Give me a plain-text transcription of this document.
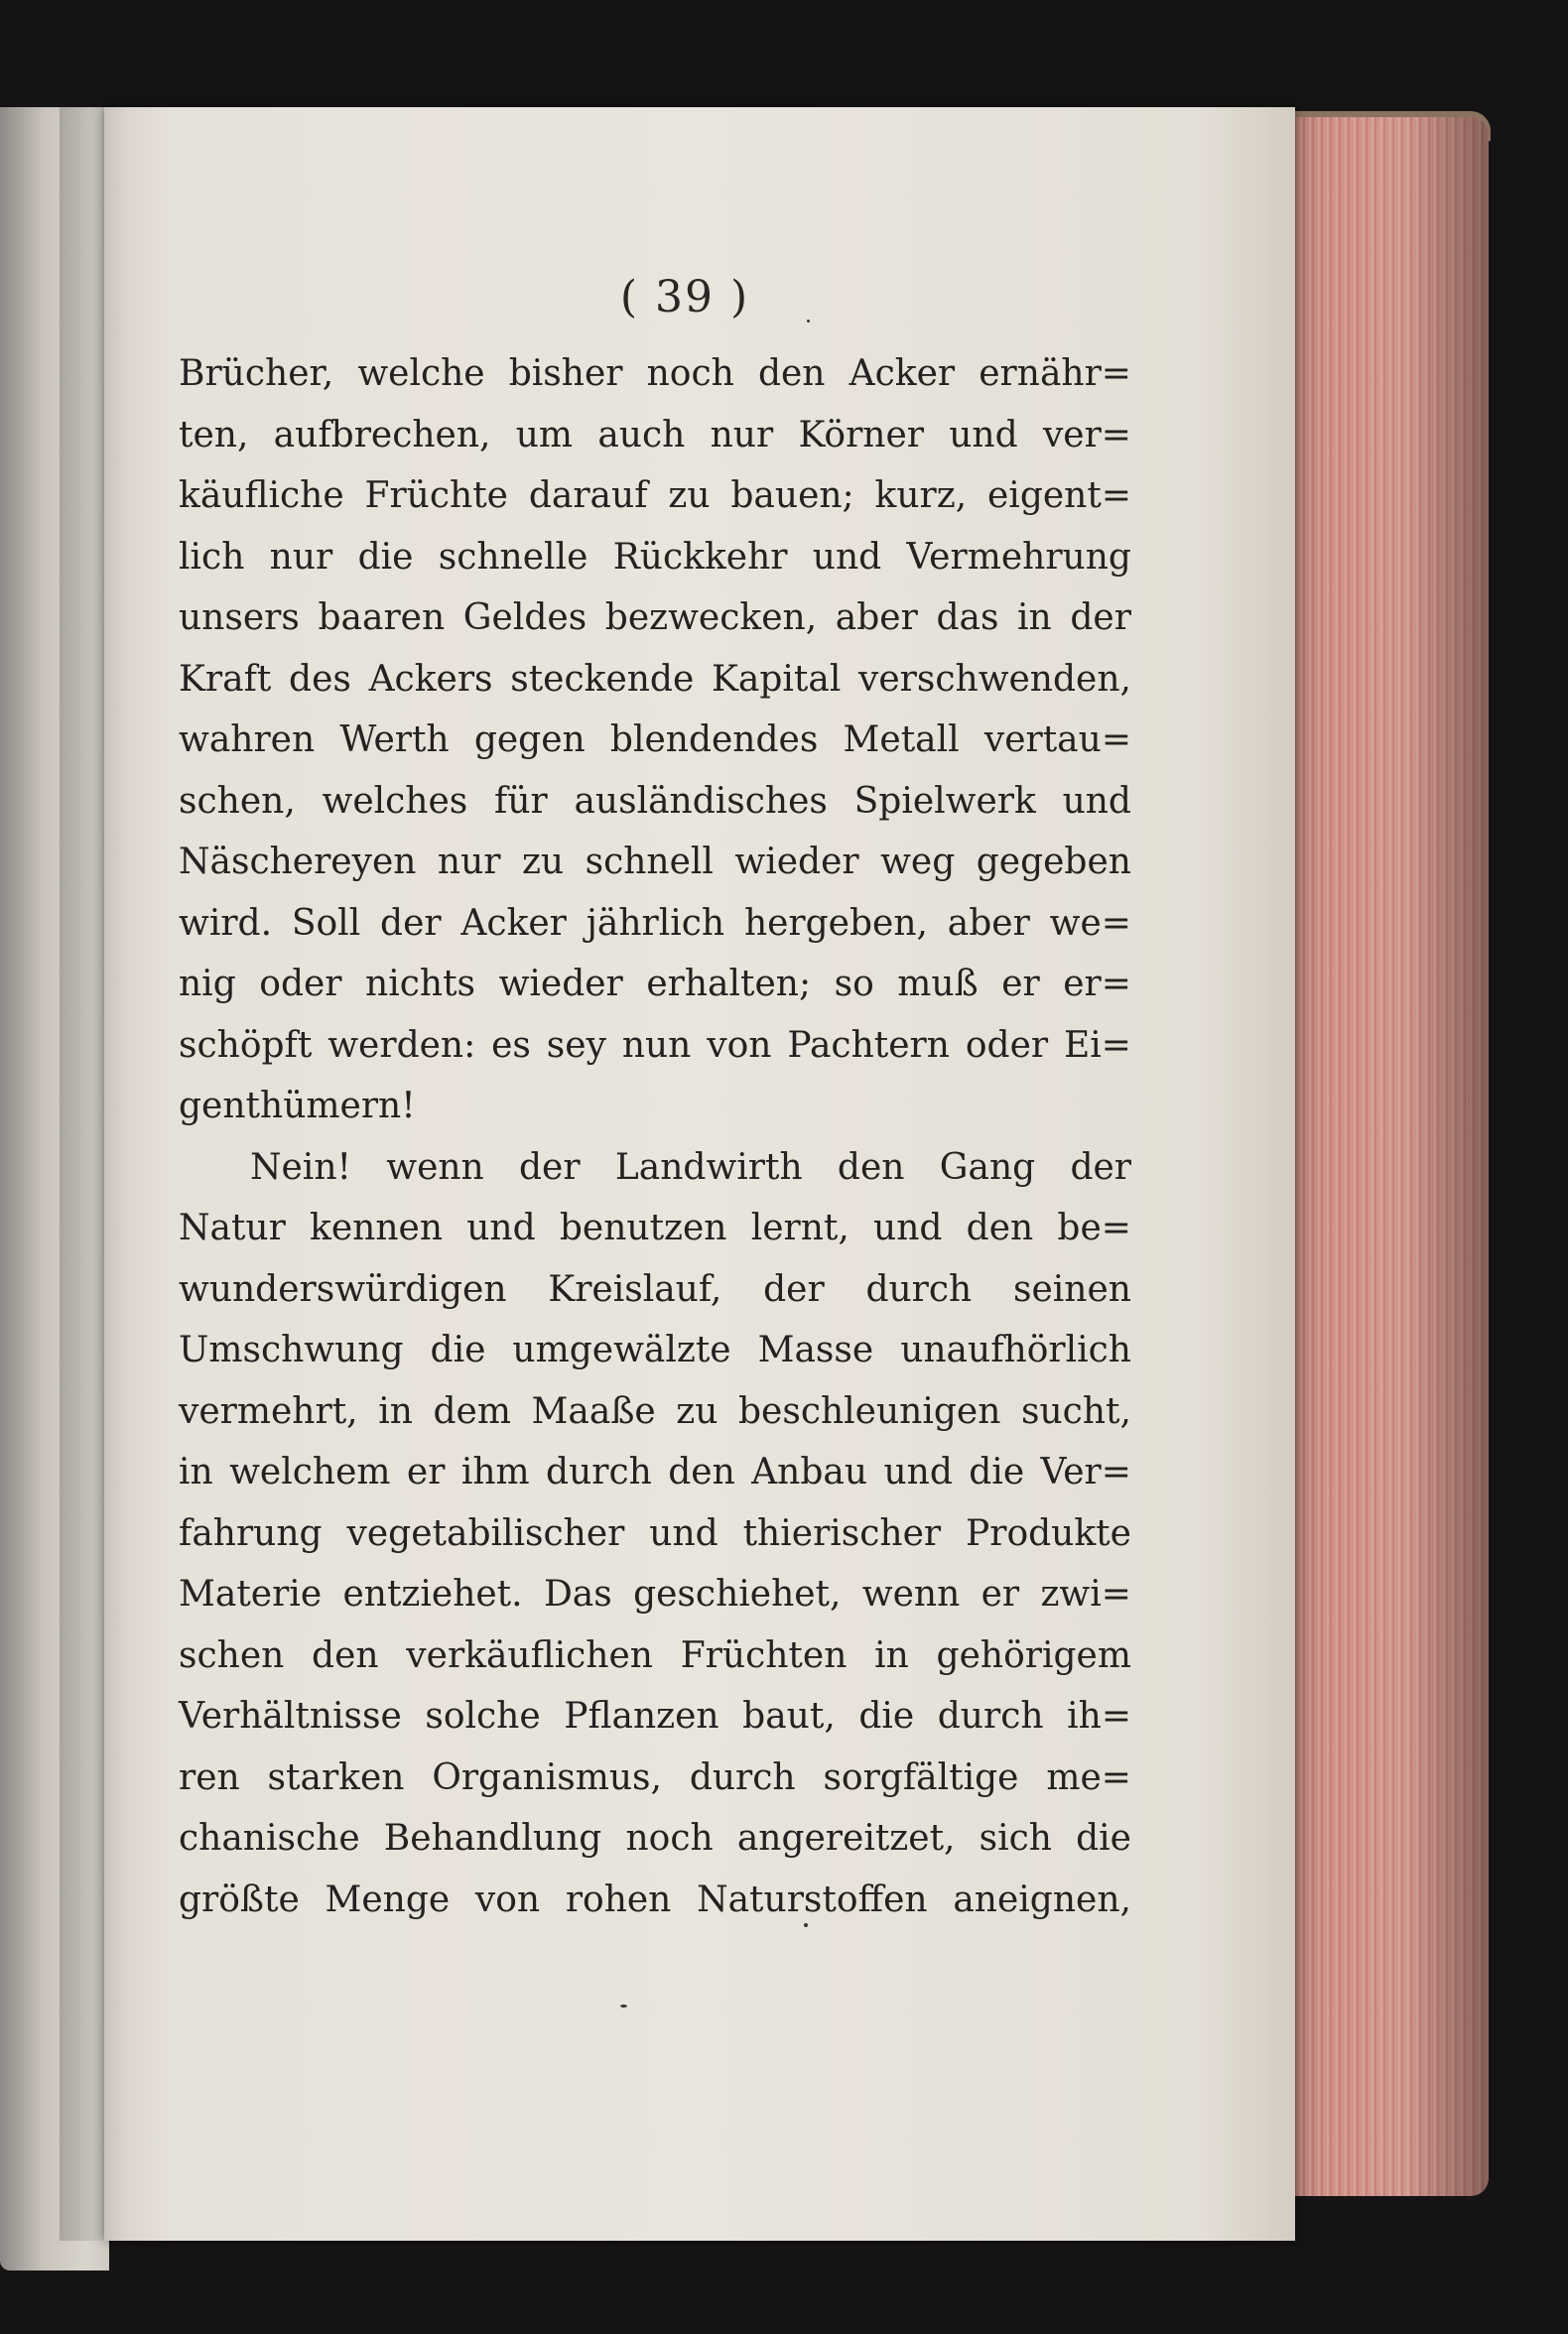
( 39 )
Brücher, welche bisher noch den Acker ernähr=
ten, aufbrechen, um auch nur Körner und ver=
käufliche Früchte darauf zu bauen; kurz, eigent=
lich nur die schnelle Rückkehr und Vermehrung
unsers baaren Geldes bezwecken, aber das in der
Kraft des Ackers steckende Kapital verschwenden,
wahren Werth gegen blendendes Metall vertau=
schen, welches für ausländisches Spielwerk und
Näschereyen nur zu schnell wieder weg gegeben
wird. Soll der Acker jährlich hergeben, aber we=
nig oder nichts wieder erhalten; so muß er er=
schöpft werden: es sey nun von Pachtern oder Ei=
genthümern!
Nein! wenn der Landwirth den Gang der
Natur kennen und benutzen lernt, und den be=
wunderswürdigen Kreislauf, der durch seinen
Umschwung die umgewälzte Masse unaufhörlich
vermehrt, in dem Maaße zu beschleunigen sucht,
in welchem er ihm durch den Anbau und die Ver=
fahrung vegetabilischer und thierischer Produkte
Materie entziehet. Das geschiehet, wenn er zwi=
schen den verkäuflichen Früchten in gehörigem
Verhältnisse solche Pflanzen baut, die durch ih=
ren starken Organismus, durch sorgfältige me=
chanische Behandlung noch angereitzet, sich die
größte Menge von rohen Naturstoffen aneignen,
